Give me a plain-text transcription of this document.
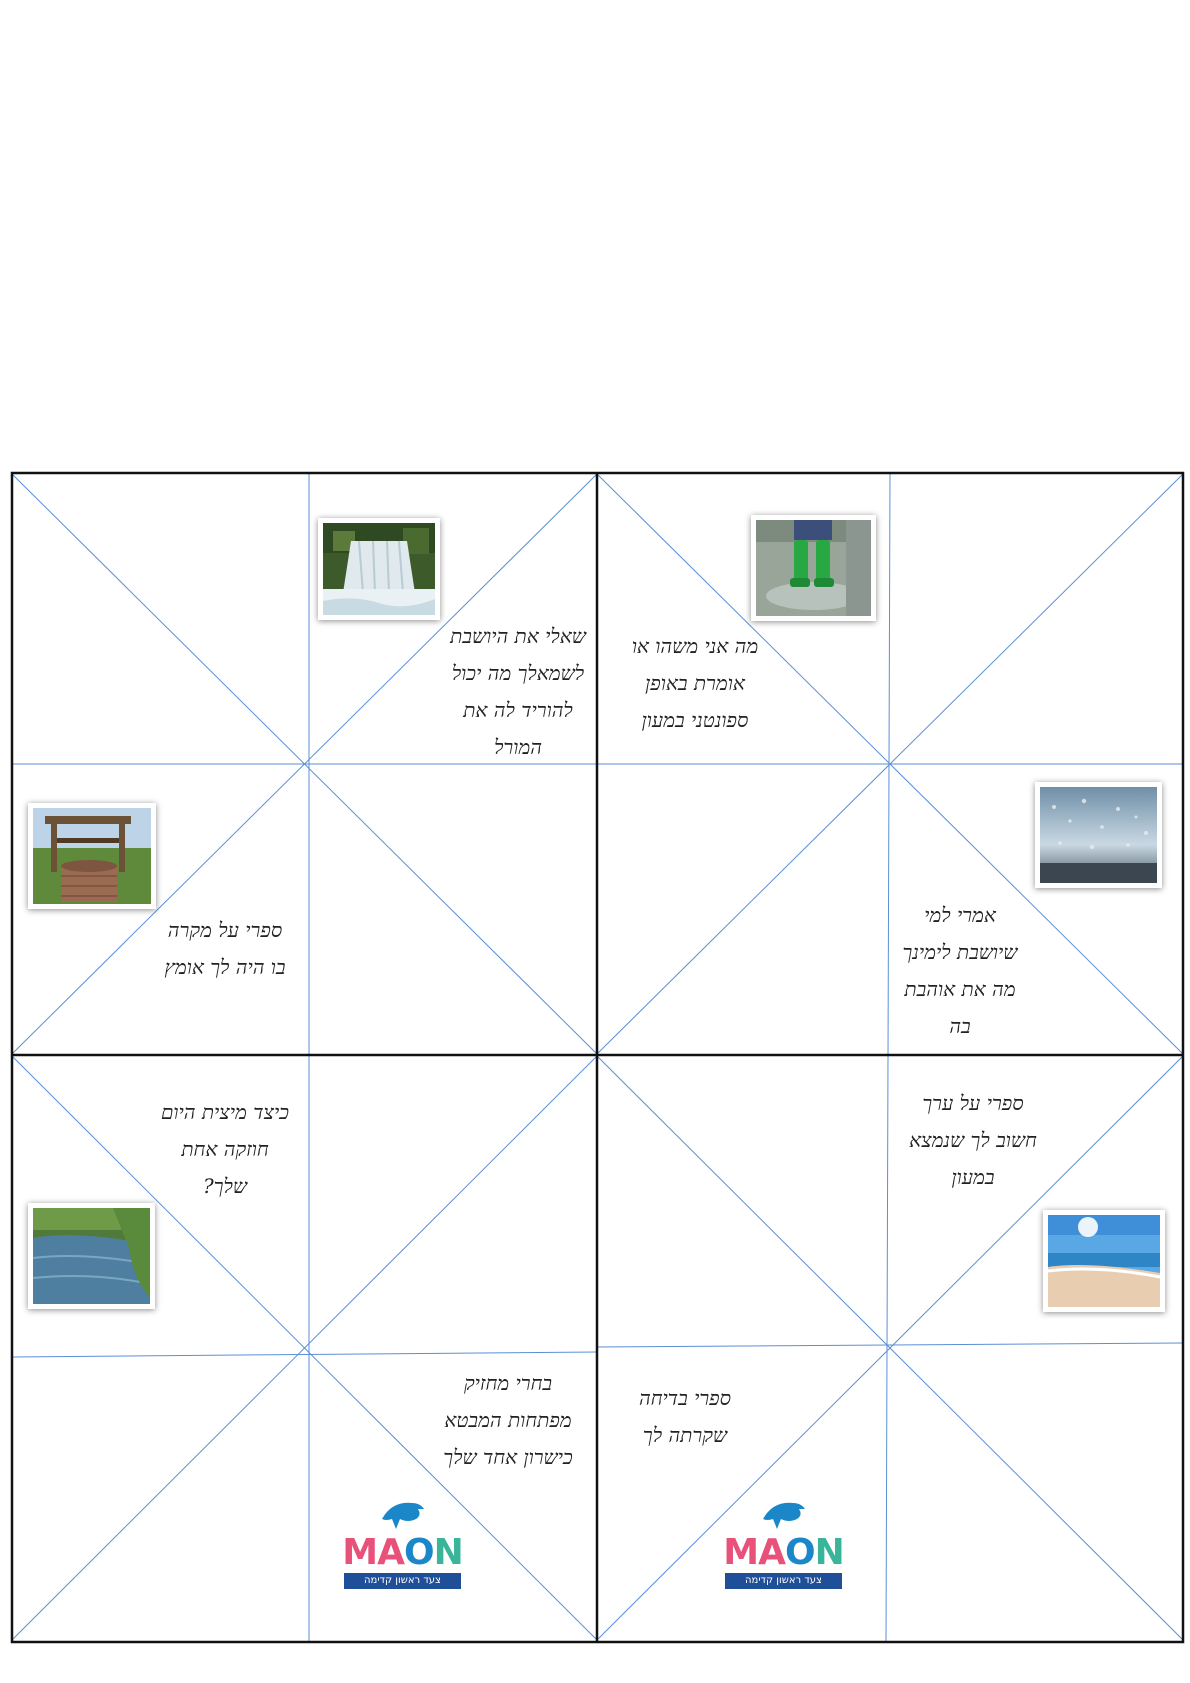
שאלי את היושבת
לשמאלך מה יכול
להוריד לה את
המורל
מה אני משהו או
אומרת באופן
ספונטני במעון
ספרי על מקרה
בו היה לך אומץ
אמרי למי
שיושבת לימינך
מה את אוהבת
בה
כיצד מיצית היום
חוזקה אחת
שלך?
ספרי על ערך
חשוב לך שנמצא
במעון
בחרי מחזיק
מפתחות המבטא
כישרון אחד שלך
ספרי בדיחה
שקרתה לך
MAON
צעד ראשון קדימה
MAON
צעד ראשון קדימה
